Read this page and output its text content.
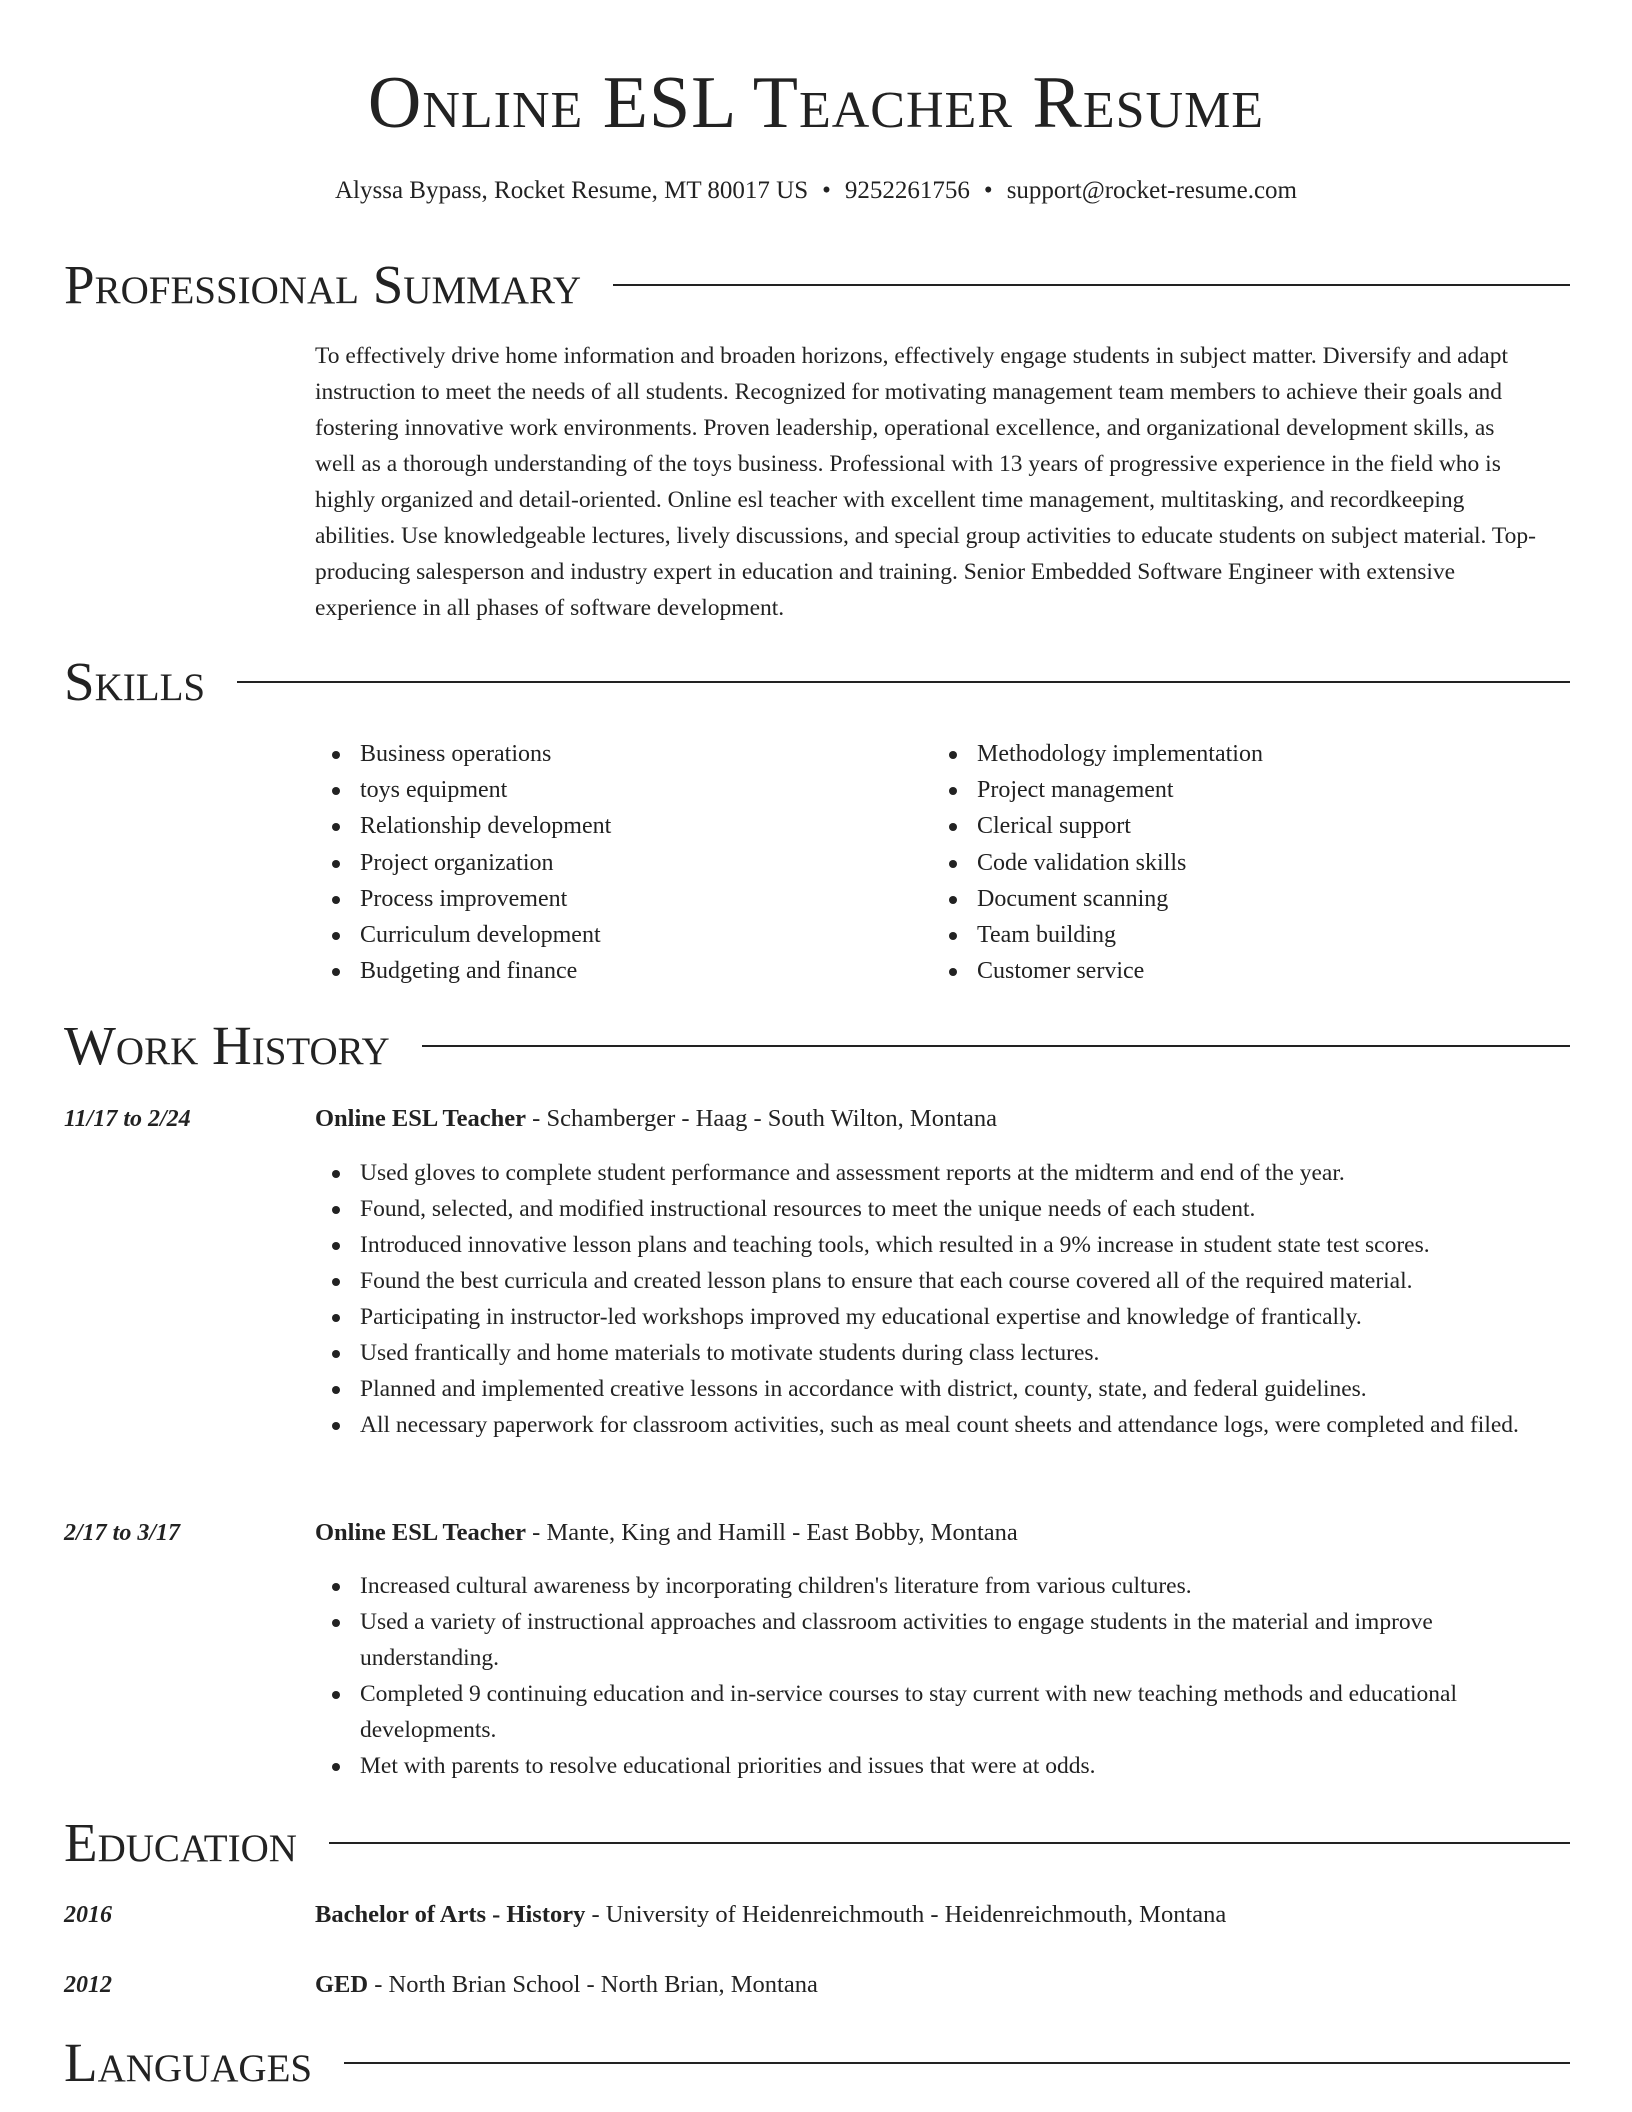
Online ESL Teacher Resume
Alyssa Bypass, Rocket Resume, MT 80017 US • 9252261756 • support@rocket-resume.com
Professional Summary
To effectively drive home information and broaden horizons, effectively engage students in subject matter. Diversify and adapt instruction to meet the needs of all students. Recognized for motivating management team members to achieve their goals and fostering innovative work environments. Proven leadership, operational excellence, and organizational development skills, as well as a thorough understanding of the toys business. Professional with 13 years of progressive experience in the field who is highly organized and detail-oriented. Online esl teacher with excellent time management, multitasking, and recordkeeping abilities. Use knowledgeable lectures, lively discussions, and special group activities to educate students on subject material. Top-producing salesperson and industry expert in education and training. Senior Embedded Software Engineer with extensive experience in all phases of software development.
Skills
Business operations
toys equipment
Relationship development
Project organization
Process improvement
Curriculum development
Budgeting and finance
Methodology implementation
Project management
Clerical support
Code validation skills
Document scanning
Team building
Customer service
Work History
11/17 to 2/24	Online ESL Teacher - Schamberger - Haag - South Wilton, Montana
Used gloves to complete student performance and assessment reports at the midterm and end of the year.
Found, selected, and modified instructional resources to meet the unique needs of each student.
Introduced innovative lesson plans and teaching tools, which resulted in a 9% increase in student state test scores.
Found the best curricula and created lesson plans to ensure that each course covered all of the required material.
Participating in instructor-led workshops improved my educational expertise and knowledge of frantically.
Used frantically and home materials to motivate students during class lectures.
Planned and implemented creative lessons in accordance with district, county, state, and federal guidelines.
All necessary paperwork for classroom activities, such as meal count sheets and attendance logs, were completed and filed.
2/17 to 3/17	Online ESL Teacher - Mante, King and Hamill - East Bobby, Montana
Increased cultural awareness by incorporating children's literature from various cultures.
Used a variety of instructional approaches and classroom activities to engage students in the material and improve understanding.
Completed 9 continuing education and in-service courses to stay current with new teaching methods and educational developments.
Met with parents to resolve educational priorities and issues that were at odds.
Education
2016	Bachelor of Arts - History - University of Heidenreichmouth - Heidenreichmouth, Montana
2012	GED - North Brian School - North Brian, Montana
Languages
